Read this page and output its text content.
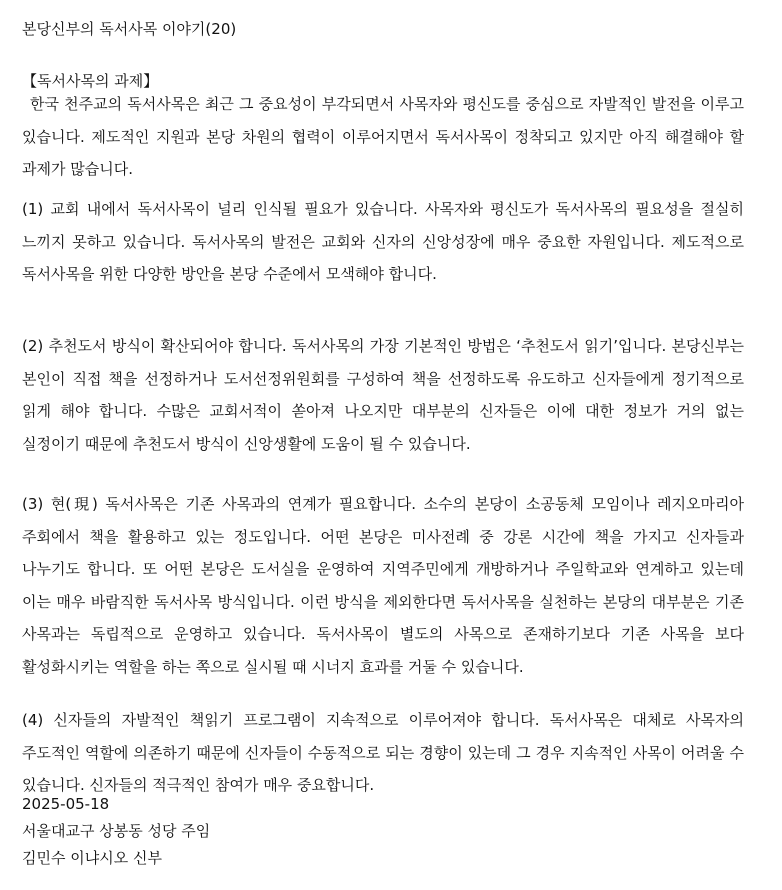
본당신부의 독서사목 이야기(20)
【독서사목의 과제】
한국 천주교의 독서사목은 최근 그 중요성이 부각되면서 사목자와 평신도를 중심으로 자발적인 발전을 이루고 있습니다. 제도적인 지원과 본당 차원의 협력이 이루어지면서 독서사목이 정착되고 있지만 아직 해결해야 할 과제가 많습니다.
(1) 교회 내에서 독서사목이 널리 인식될 필요가 있습니다. 사목자와 평신도가 독서사목의 필요성을 절실히 느끼지 못하고 있습니다. 독서사목의 발전은 교회와 신자의 신앙성장에 매우 중요한 자원입니다. 제도적으로 독서사목을 위한 다양한 방안을 본당 수준에서 모색해야 합니다.
(2) 추천도서 방식이 확산되어야 합니다. 독서사목의 가장 기본적인 방법은 ‘추천도서 읽기’입니다. 본당신부는 본인이 직접 책을 선정하거나 도서선정위원회를 구성하여 책을 선정하도록 유도하고 신자들에게 정기적으로 읽게 해야 합니다. 수많은 교회서적이 쏟아져 나오지만 대부분의 신자들은 이에 대한 정보가 거의 없는 실정이기 때문에 추천도서 방식이 신앙생활에 도움이 될 수 있습니다.
(3) 현(現) 독서사목은 기존 사목과의 연계가 필요합니다. 소수의 본당이 소공동체 모임이나 레지오마리아 주회에서 책을 활용하고 있는 정도입니다. 어떤 본당은 미사전례 중 강론 시간에 책을 가지고 신자들과 나누기도 합니다. 또 어떤 본당은 도서실을 운영하여 지역주민에게 개방하거나 주일학교와 연계하고 있는데 이는 매우 바람직한 독서사목 방식입니다. 이런 방식을 제외한다면 독서사목을 실천하는 본당의 대부분은 기존 사목과는 독립적으로 운영하고 있습니다. 독서사목이 별도의 사목으로 존재하기보다 기존 사목을 보다 활성화시키는 역할을 하는 쪽으로 실시될 때 시너지 효과를 거둘 수 있습니다.
(4) 신자들의 자발적인 책읽기 프로그램이 지속적으로 이루어져야 합니다. 독서사목은 대체로 사목자의 주도적인 역할에 의존하기 때문에 신자들이 수동적으로 되는 경향이 있는데 그 경우 지속적인 사목이 어려울 수 있습니다. 신자들의 적극적인 참여가 매우 중요합니다.
2025-05-18
서울대교구 상봉동 성당 주임
김민수 이냐시오 신부
